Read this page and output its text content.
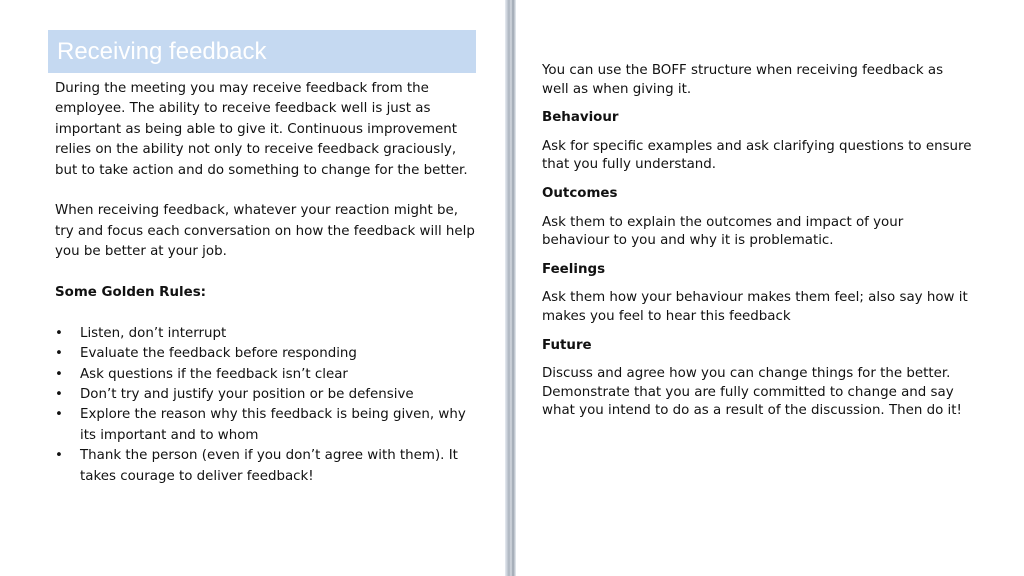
Receiving feedback

During the meeting you may receive feedback from the employee. The ability to receive feedback well is just as important as being able to give it. Continuous improvement relies on the ability not only to receive feedback graciously, but to take action and do something to change for the better.

When receiving feedback, whatever your reaction might be, try and focus each conversation on how the feedback will help you be better at your job.

Some Golden Rules:

• Listen, don’t interrupt
• Evaluate the feedback before responding
• Ask questions if the feedback isn’t clear
• Don’t try and justify your position or be defensive
• Explore the reason why this feedback is being given, why its important and to whom
• Thank the person (even if you don’t agree with them). It takes courage to deliver feedback!

You can use the BOFF structure when receiving feedback as well as when giving it.

Behaviour

Ask for specific examples and ask clarifying questions to ensure that you fully understand.

Outcomes

Ask them to explain the outcomes and impact of your behaviour to you and why it is problematic.

Feelings

Ask them how your behaviour makes them feel; also say how it makes you feel to hear this feedback

Future

Discuss and agree how you can change things for the better. Demonstrate that you are fully committed to change and say what you intend to do as a result of the discussion. Then do it!
